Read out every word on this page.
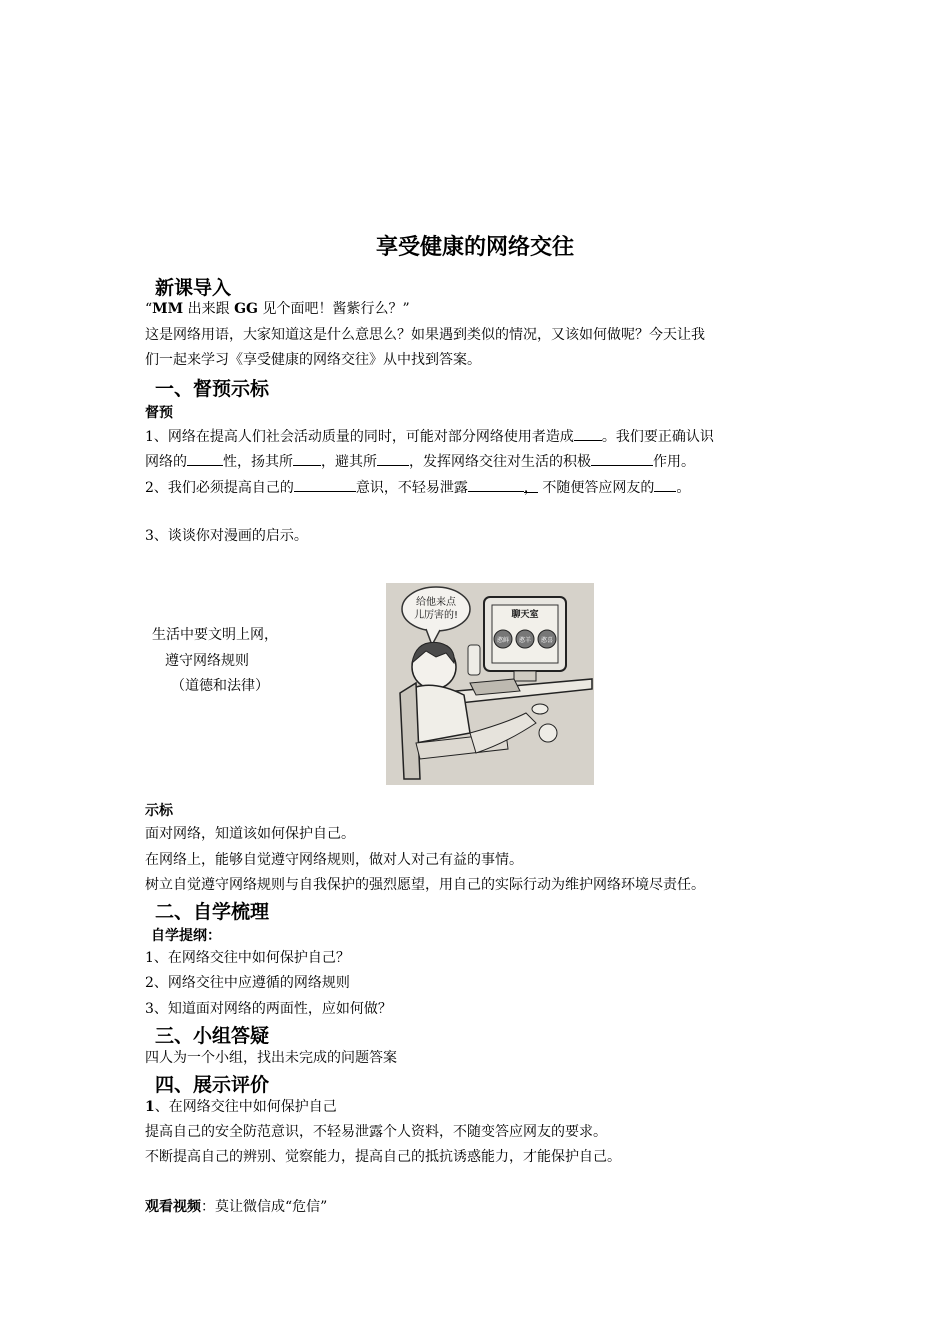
享受健康的网络交往
新课导入
“MM 出来跟 GG 见个面吧！酱紫行么？”
这是网络用语，大家知道这是什么意思么？如果遇到类似的情况，又该如何做呢？今天让我
们一起来学习《享受健康的网络交往》从中找到答案。
一、督预示标
督预
1、网络在提高人们社会活动质量的同时，可能对部分网络使用者造成 。我们要正确认识
网络的	性，扬其所 ，避其所 ，发挥网络交往对生活的积极	作用。
2、我们必须提高自己的	意识，不轻易泄露	， 不随便答应网友的 。
3、谈谈你对漫画的启示。
生活中要文明上网，
遵守网络规则
（道德和法律）
给他来点
儿厉害的!	聊天室
憨鲜 憨羊 憨喜
示标
面对网络，知道该如何保护自己。
在网络上，能够自觉遵守网络规则，做对人对己有益的事情。
树立自觉遵守网络规则与自我保护的强烈愿望，用自己的实际行动为维护网络环境尽责任。
二、自学梳理
自学提纲：
1、在网络交往中如何保护自己？
2、网络交往中应遵循的网络规则
3、知道面对网络的两面性，应如何做？
三、小组答疑
四人为一个小组，找出未完成的问题答案
四、展示评价
1、在网络交往中如何保护自己
提高自己的安全防范意识，不轻易泄露个人资料，不随变答应网友的要求。
不断提高自己的辨别、觉察能力，提高自己的抵抗诱惑能力，才能保护自己。
观看视频：莫让微信成“危信”
